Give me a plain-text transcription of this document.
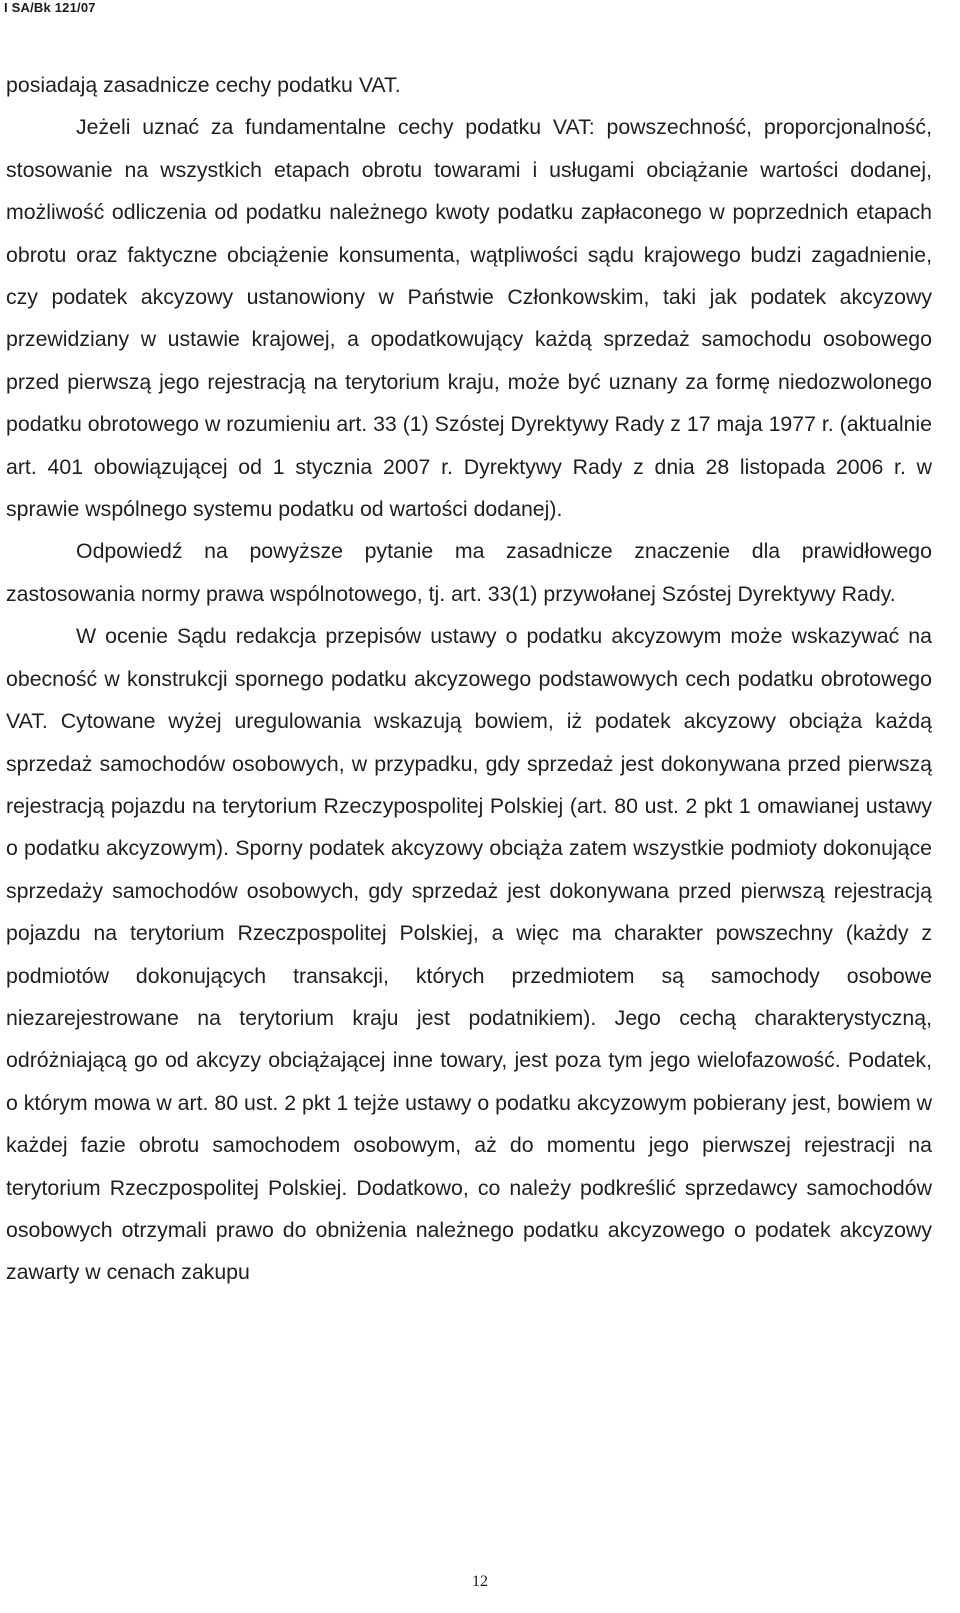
I SA/Bk 121/07

posiadają zasadnicze cechy podatku VAT.

Jeżeli uznać za fundamentalne cechy podatku VAT: powszechność, proporcjonalność, stosowanie na wszystkich etapach obrotu towarami i usługami obciążanie wartości dodanej, możliwość odliczenia od podatku należnego kwoty podatku zapłaconego w poprzednich etapach obrotu oraz faktyczne obciążenie konsumenta, wątpliwości sądu krajowego budzi zagadnienie, czy podatek akcyzowy ustanowiony w Państwie Członkowskim, taki jak podatek akcyzowy przewidziany w ustawie krajowej, a opodatkowujący każdą sprzedaż samochodu osobowego przed pierwszą jego rejestracją na terytorium kraju, może być uznany za formę niedozwolonego podatku obrotowego w rozumieniu art. 33 (1) Szóstej Dyrektywy Rady z 17 maja 1977 r. (aktualnie art. 401 obowiązującej od 1 stycznia 2007 r. Dyrektywy Rady z dnia 28 listopada 2006 r. w sprawie wspólnego systemu podatku od wartości dodanej).

Odpowiedź na powyższe pytanie ma zasadnicze znaczenie dla prawidłowego zastosowania normy prawa wspólnotowego, tj. art. 33(1) przywołanej Szóstej Dyrektywy Rady.

W ocenie Sądu redakcja przepisów ustawy o podatku akcyzowym może wskazywać na obecność w konstrukcji spornego podatku akcyzowego podstawowych cech podatku obrotowego VAT. Cytowane wyżej uregulowania wskazują bowiem, iż podatek akcyzowy obciąża każdą sprzedaż samochodów osobowych, w przypadku, gdy sprzedaż jest dokonywana przed pierwszą rejestracją pojazdu na terytorium Rzeczypospolitej Polskiej (art. 80 ust. 2 pkt 1 omawianej ustawy o podatku akcyzowym). Sporny podatek akcyzowy obciąża zatem wszystkie podmioty dokonujące sprzedaży samochodów osobowych, gdy sprzedaż jest dokonywana przed pierwszą rejestracją pojazdu na terytorium Rzeczpospolitej Polskiej, a więc ma charakter powszechny (każdy z podmiotów dokonujących transakcji, których przedmiotem są samochody osobowe niezarejestrowane na terytorium kraju jest podatnikiem). Jego cechą charakterystyczną, odróżniającą go od akcyzy obciążającej inne towary, jest poza tym jego wielofazowość. Podatek, o którym mowa w art. 80 ust. 2 pkt 1 tejże ustawy o podatku akcyzowym pobierany jest, bowiem w każdej fazie obrotu samochodem osobowym, aż do momentu jego pierwszej rejestracji na terytorium Rzeczpospolitej Polskiej. Dodatkowo, co należy podkreślić sprzedawcy samochodów osobowych otrzymali prawo do obniżenia należnego podatku akcyzowego o podatek akcyzowy zawarty w cenach zakupu

12
